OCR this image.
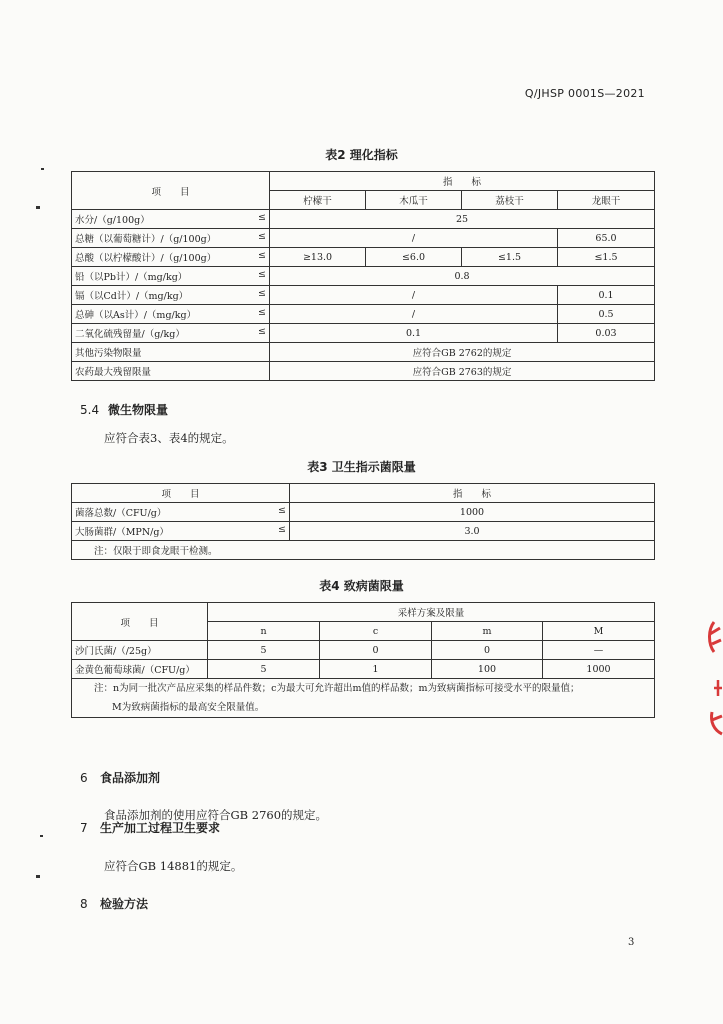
Q/JHSP 0001S—2021
表2 理化指标
项　　目	指　　标			
	柠檬干	木瓜干	荔枝干	龙眼干

水分/（g/100g） ≤	25			

总糖（以葡萄糖计）/（g/100g） ≤	/			65.0

总酸（以柠檬酸计）/（g/100g） ≤	≥13.0	≤6.0	≤1.5	≤1.5

铅（以Pb计）/（mg/kg） ≤	0.8			

镉（以Cd计）/（mg/kg） ≤	/			0.1

总砷（以As计）/（mg/kg） ≤	/			0.5

二氧化硫残留量/（g/kg） ≤	0.1			0.03
其他污染物限量	应符合GB 2762的规定			
农药最大残留限量	应符合GB 2763的规定			
5.4 微生物限量
应符合表3、表4的规定。
表3 卫生指示菌限量
项　　目	指　　标

菌落总数/（CFU/g） ≤	1000

大肠菌群/（MPN/g） ≤	3.0
注：仅限于即食龙眼干检测。	
表4 致病菌限量
项　　目	采样方案及限量			
	n	c	m	M
沙门氏菌/（/25g）	5	0	0	—
金黄色葡萄球菌/（CFU/g）	5	1	100	1000

注：n为同一批次产品应采集的样品件数；c为最大可允许超出m值的样品数；m为致病菌指标可接受水平的限量值；
M为致病菌指标的最高安全限量值。				
6 食品添加剂
食品添加剂的使用应符合GB 2760的规定。
7 生产加工过程卫生要求
应符合GB 14881的规定。
8 检验方法
3
